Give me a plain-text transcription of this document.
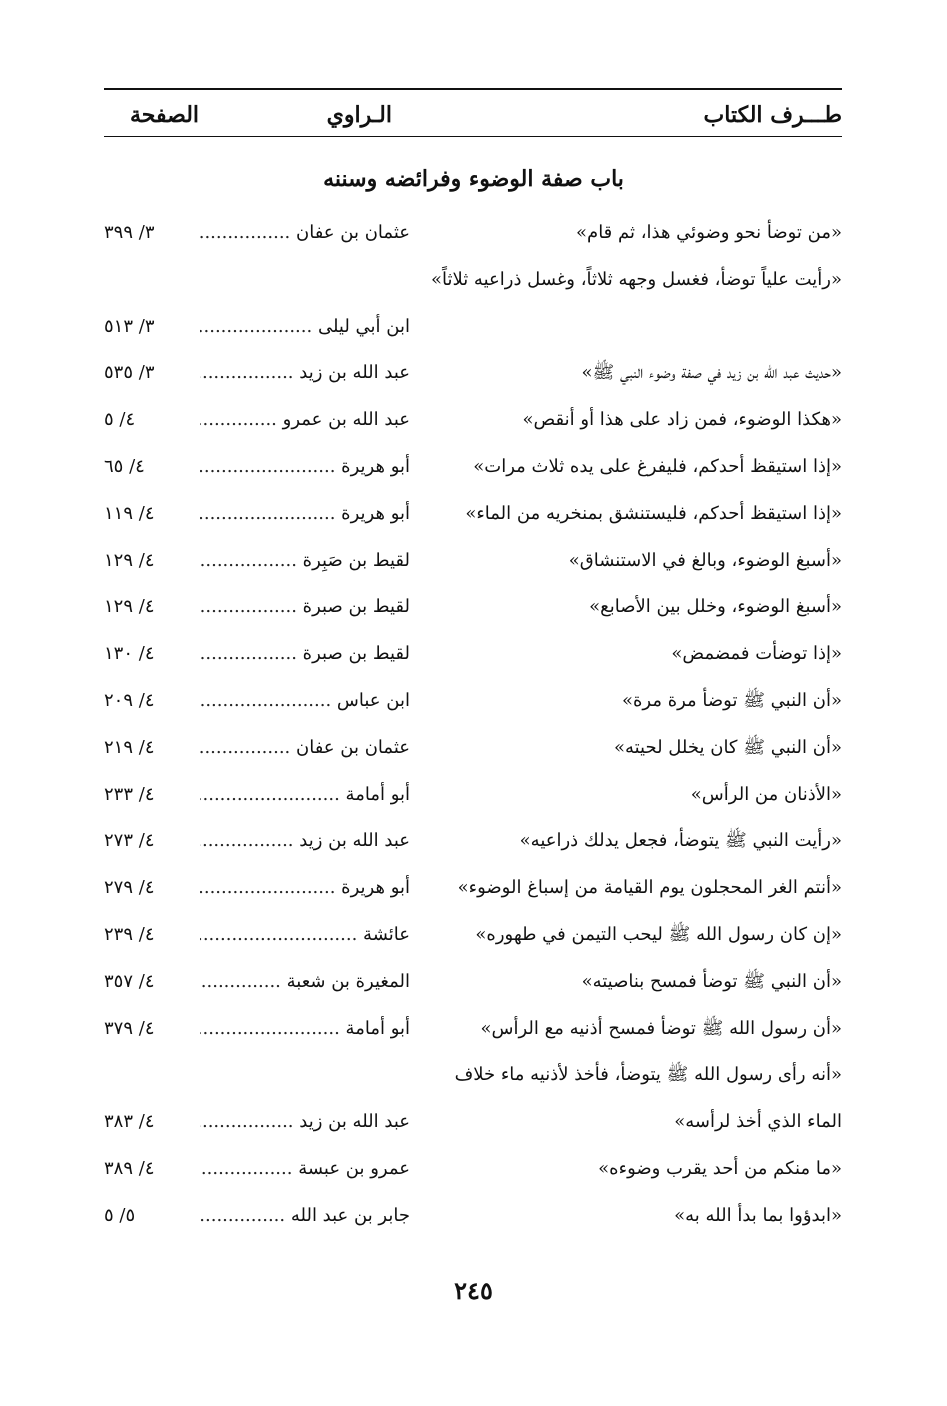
طـــرف الكتاب
الـراوي
الصفحة
باب صفة الوضوء وفرائضه وسننه
«من توضأ نحو وضوئي هذا، ثم قام»
عثمان بن عفان .....
٣/ ٣٩٩
«رأيت علياً توضأ، فغسل وجهه ثلاثاً، وغسل ذراعيه ثلاثاً»
ابن أبي ليلى .....
٣/ ٥١٣
«حديث عبد الله بن زيد في صفة وضوء النبي ﷺ»
عبد الله بن زيد .....
٣/ ٥٣٥
«هكذا الوضوء، فمن زاد على هذا أو أنقص»
عبد الله بن عمرو .....
٤/ ٥
«إذا استيقظ أحدكم، فليفرغ على يده ثلاث مرات»
أبو هريرة .....
٤/ ٦٥
«إذا استيقظ أحدكم، فليستنشق بمنخريه من الماء»
أبو هريرة .....
٤/ ١١٩
«أسبغ الوضوء، وبالغ في الاستنشاق»
لقيط بن صَبِرة .....
٤/ ١٢٩
«أسبغ الوضوء، وخلل بين الأصابع»
لقيط بن صبرة .....
٤/ ١٢٩
«إذا توضأت فمضمض»
لقيط بن صبرة .....
٤/ ١٣٠
«أن النبي ﷺ توضأ مرة مرة»
ابن عباس .....
٤/ ٢٠٩
«أن النبي ﷺ كان يخلل لحيته»
عثمان بن عفان .....
٤/ ٢١٩
«الأذنان من الرأس»
أبو أمامة .....
٤/ ٢٣٣
«رأيت النبي ﷺ يتوضأ، فجعل يدلك ذراعيه»
عبد الله بن زيد .....
٤/ ٢٧٣
«أنتم الغر المحجلون يوم القيامة من إسباغ الوضوء»
أبو هريرة .....
٤/ ٢٧٩
«إن كان رسول الله ﷺ ليحب التيمن في طهوره»
عائشة .....
٤/ ٢٣٩
«أن النبي ﷺ توضأ فمسح بناصيته»
المغيرة بن شعبة .....
٤/ ٣٥٧
«أن رسول الله ﷺ توضأ فمسح أذنيه مع الرأس»
أبو أمامة .....
٤/ ٣٧٩
«أنه رأى رسول الله ﷺ يتوضأ، فأخذ لأذنيه ماء خلاف الماء الذي أخذ لرأسه»
عبد الله بن زيد .....
٤/ ٣٨٣
«ما منكم من أحد يقرب وضوءه»
عمرو بن عبسة .....
٤/ ٣٨٩
«ابدؤوا بما بدأ الله به»
جابر بن عبد الله .....
٥/ ٥
٢٤٥
